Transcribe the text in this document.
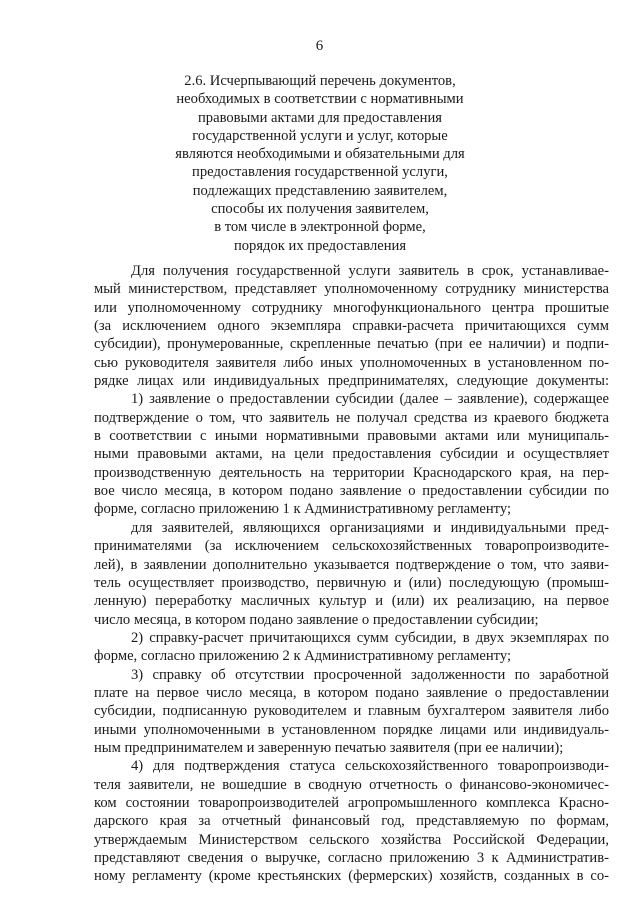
6
2.6. Исчерпывающий перечень документов,
необходимых в соответствии с нормативными
правовыми актами для предоставления
государственной услуги и услуг, которые
являются необходимыми и обязательными для
предоставления государственной услуги,
подлежащих представлению заявителем,
способы их получения заявителем,
в том числе в электронной форме,
порядок их предоставления
Для получения государственной услуги заявитель в срок, устанавливае-
мый министерством, представляет уполномоченному сотруднику министерства
или уполномоченному сотруднику многофункционального центра прошитые
(за исключением одного экземпляра справки-расчета причитающихся сумм
субсидии), пронумерованные, скрепленные печатью (при ее наличии) и подпи-
сью руководителя заявителя либо иных уполномоченных в установленном по-
рядке лицах или индивидуальных предпринимателях, следующие документы:
1) заявление о предоставлении субсидии (далее – заявление), содержащее
подтверждение о том, что заявитель не получал средства из краевого бюджета
в соответствии с иными нормативными правовыми актами или муниципаль-
ными правовыми актами, на цели предоставления субсидии и осуществляет
производственную деятельность на территории Краснодарского края, на пер-
вое число месяца, в котором подано заявление о предоставлении субсидии по
форме, согласно приложению 1 к Административному регламенту;
для заявителей, являющихся организациями и индивидуальными пред-
принимателями (за исключением сельскохозяйственных товаропроизводите-
лей), в заявлении дополнительно указывается подтверждение о том, что заяви-
тель осуществляет производство, первичную и (или) последующую (промыш-
ленную) переработку масличных культур и (или) их реализацию, на первое
число месяца, в котором подано заявление о предоставлении субсидии;
2) справку-расчет причитающихся сумм субсидии, в двух экземплярах по
форме, согласно приложению 2 к Административному регламенту;
3) справку об отсутствии просроченной задолженности по заработной
плате на первое число месяца, в котором подано заявление о предоставлении
субсидии, подписанную руководителем и главным бухгалтером заявителя либо
иными уполномоченными в установленном порядке лицами или индивидуаль-
ным предпринимателем и заверенную печатью заявителя (при ее наличии);
4) для подтверждения статуса сельскохозяйственного товаропроизводи-
теля заявители, не вошедшие в сводную отчетность о финансово-экономичес-
ком состоянии товаропроизводителей агропромышленного комплекса Красно-
дарского края за отчетный финансовый год, представляемую по формам,
утверждаемым Министерством сельского хозяйства Российской Федерации,
представляют сведения о выручке, согласно приложению 3 к Административ-
ному регламенту (кроме крестьянских (фермерских) хозяйств, созданных в со-
